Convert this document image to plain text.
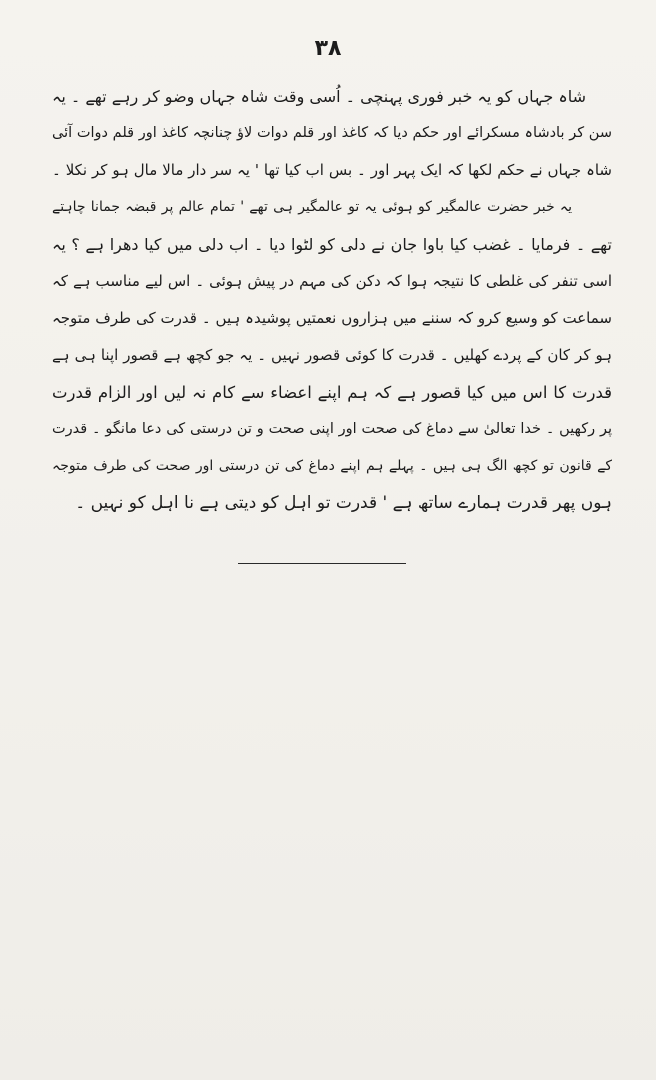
۳۸
شاہ جہاں کو یہ خبر فوری پہنچی ۔ اُسی وقت شاہ جہاں وضو کر رہے تھے ۔ یہ
سن کر بادشاہ مسکرائے اور حکم دیا کہ کاغذ اور قلم دوات لاؤ چنانچہ کاغذ اور قلم دوات آئی
شاہ جہاں نے حکم لکھا کہ ایک پہر اور ۔ بس اب کیا تھا ' یہ سر دار مالا مال ہو کر نکلا ۔
یہ خبر حضرت عالمگیر کو ہوئی یہ تو عالمگیر ہی تھے ' تمام عالم پر قبضہ جمانا چاہتے
تھے ۔ فرمایا ۔ غضب کیا باوا جان نے دلی کو لٹوا دیا ۔ اب دلی میں کیا دھرا ہے ؟ یہ
اسی تنفر کی غلطی کا نتیجہ ہوا کہ دکن کی مہم در پیش ہوئی ۔ اس لیے مناسب ہے کہ
سماعت کو وسیع کرو کہ سننے میں ہزاروں نعمتیں پوشیدہ ہیں ۔ قدرت کی طرف متوجہ
ہو کر کان کے پردے کھلیں ۔ قدرت کا کوئی قصور نہیں ۔ یہ جو کچھ ہے قصور اپنا ہی ہے
قدرت کا اس میں کیا قصور ہے کہ ہم اپنے اعضاء سے کام نہ لیں اور الزام قدرت
پر رکھیں ۔ خدا تعالیٰ سے دماغ کی صحت اور اپنی صحت و تن درستی کی دعا مانگو ۔ قدرت
کے قانون تو کچھ الگ ہی ہیں ۔ پہلے ہم اپنے دماغ کی تن درستی اور صحت کی طرف متوجہ
ہوں پھر قدرت ہمارے ساتھ ہے ' قدرت تو اہل کو دیتی ہے نا اہل کو نہیں ۔
